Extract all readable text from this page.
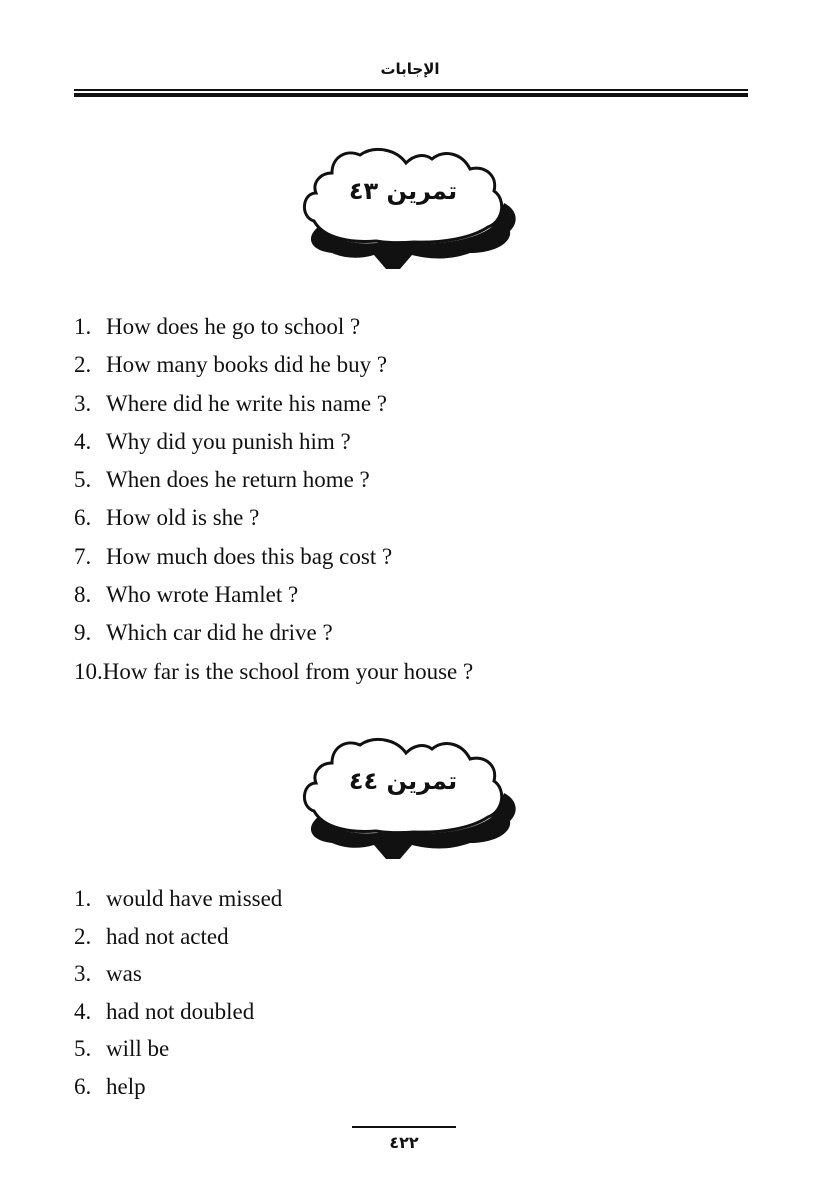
الإجابات
تمرين ٤٣
1. How does he go to school ?
2. How many books did he buy ?
3. Where did he write his name ?
4. Why did you punish him ?
5. When does he return home ?
6. How old is she ?
7. How much does this bag cost ?
8. Who wrote Hamlet ?
9. Which car did he drive ?
10.How far is the school from your house ?
تمرين ٤٤
1. would have missed
2. had not acted
3. was
4. had not doubled
5. will be
6. help
٤٢٢
